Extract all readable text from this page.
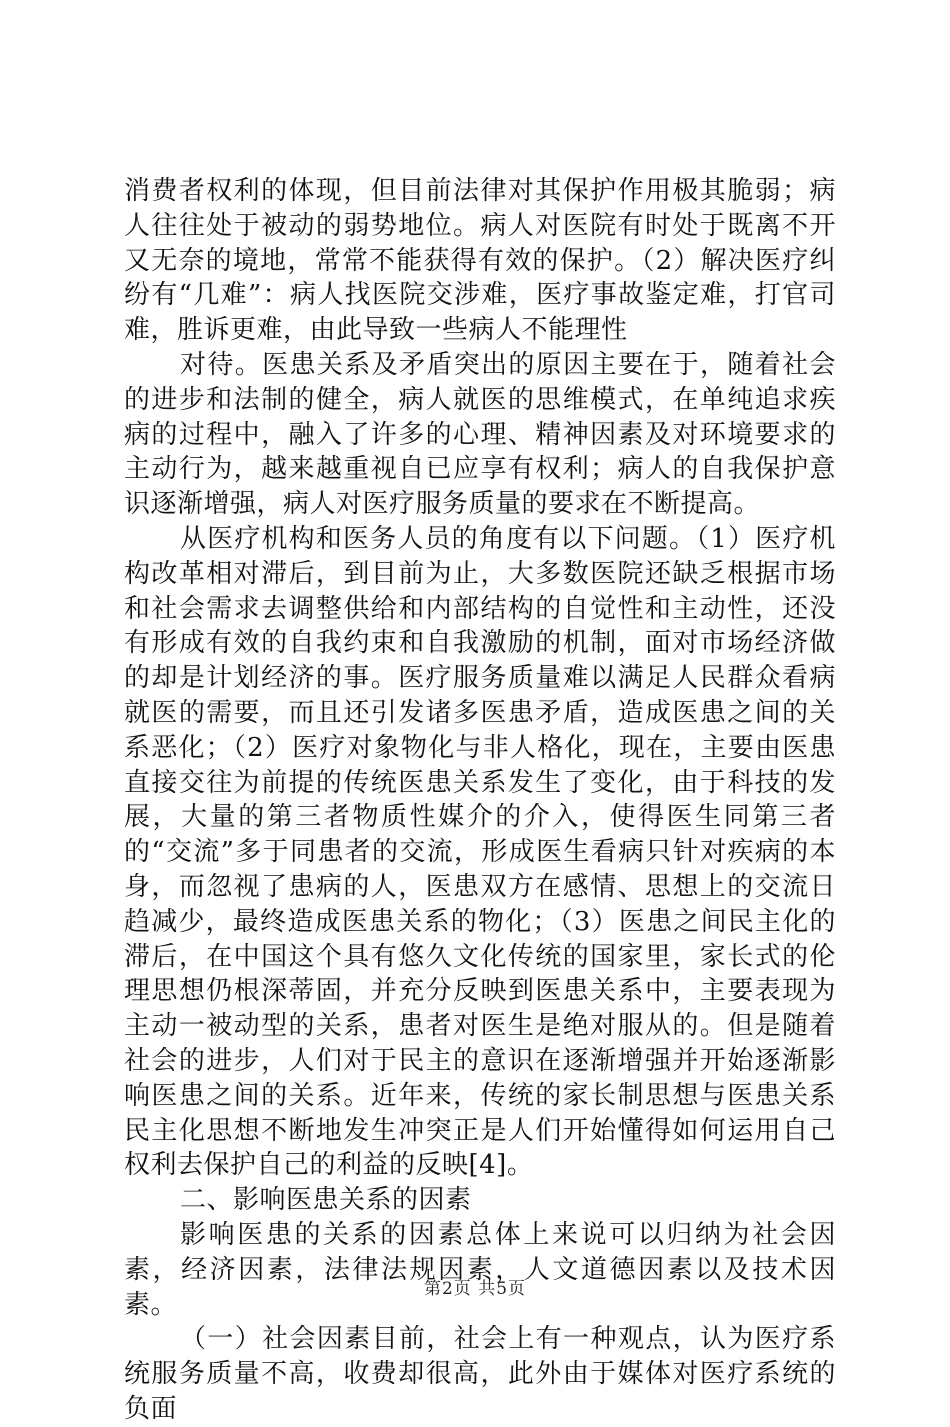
消费者权利的体现，但目前法律对其保护作用极其脆弱；病人往往处于被动的弱势地位。病人对医院有时处于既离不开又无奈的境地，常常不能获得有效的保护。（2）解决医疗纠纷有“几难”：病人找医院交涉难，医疗事故鉴定难，打官司难，胜诉更难，由此导致一些病人不能理性

对待。医患关系及矛盾突出的原因主要在于，随着社会的进步和法制的健全，病人就医的思维模式，在单纯追求疾病的过程中，融入了许多的心理、精神因素及对环境要求的主动行为，越来越重视自已应享有权利；病人的自我保护意识逐渐增强，病人对医疗服务质量的要求在不断提高。

从医疗机构和医务人员的角度有以下问题。（1）医疗机构改革相对滞后，到目前为止，大多数医院还缺乏根据市场和社会需求去调整供给和内部结构的自觉性和主动性，还没有形成有效的自我约束和自我激励的机制，面对市场经济做的却是计划经济的事。医疗服务质量难以满足人民群众看病就医的需要，而且还引发诸多医患矛盾，造成医患之间的关系恶化；（2）医疗对象物化与非人格化，现在，主要由医患直接交往为前提的传统医患关系发生了变化，由于科技的发展，大量的第三者物质性媒介的介入，使得医生同第三者的“交流”多于同患者的交流，形成医生看病只针对疾病的本身，而忽视了患病的人，医患双方在感情、思想上的交流日趋减少，最终造成医患关系的物化；（3）医患之间民主化的滞后，在中国这个具有悠久文化传统的国家里，家长式的伦理思想仍根深蒂固，并充分反映到医患关系中，主要表现为主动一被动型的关系，患者对医生是绝对服从的。但是随着社会的进步，人们对于民主的意识在逐渐增强并开始逐渐影响医患之间的关系。近年来，传统的家长制思想与医患关系民主化思想不断地发生冲突正是人们开始懂得如何运用自己权利去保护自己的利益的反映[4]。

二、影响医患关系的因素

影响医患的关系的因素总体上来说可以归纳为社会因素，经济因素，法律法规因素，人文道德因素以及技术因素。

（一）社会因素目前，社会上有一种观点，认为医疗系统服务质量不高，收费却很高，此外由于媒体对医疗系统的负面

第2页 共5页
